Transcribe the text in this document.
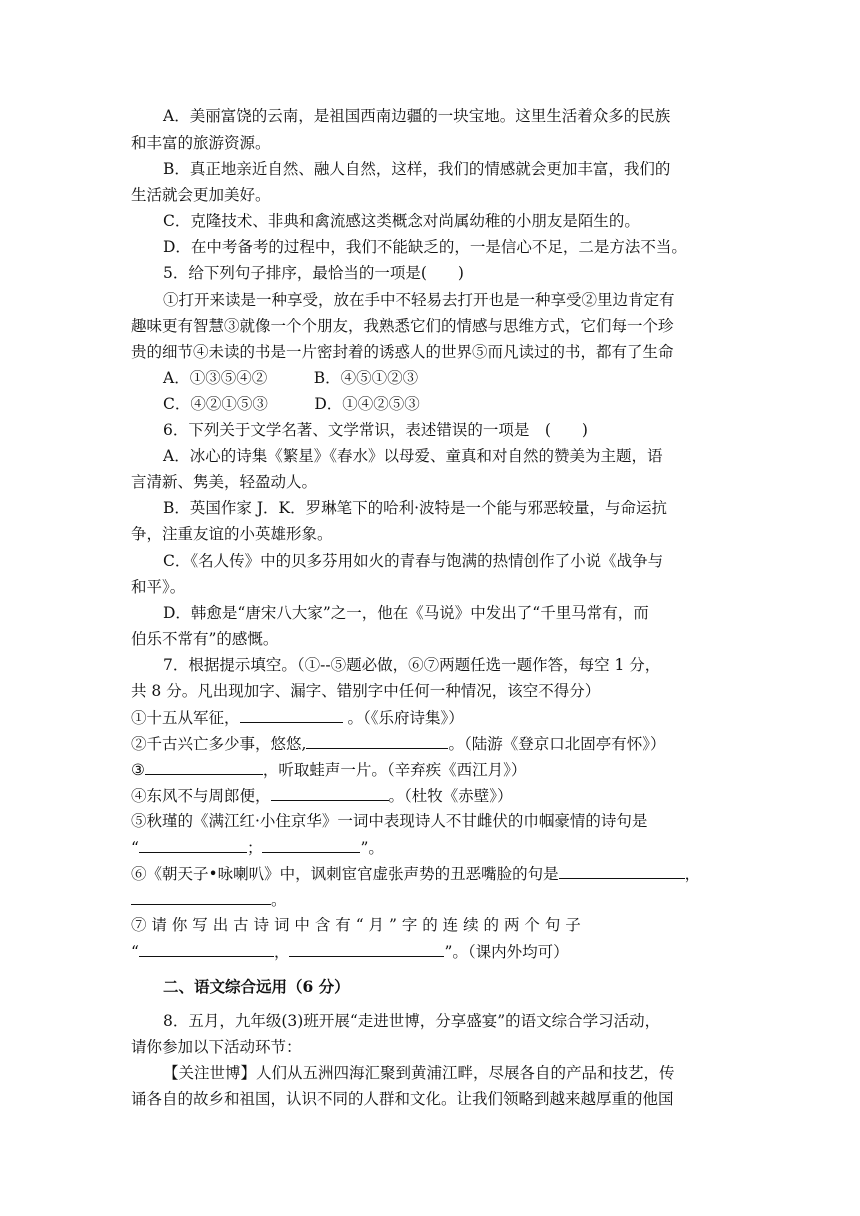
A．美丽富饶的云南，是祖国西南边疆的一块宝地。这里生活着众多的民族
和丰富的旅游资源。
B．真正地亲近自然、融人自然，这样，我们的情感就会更加丰富，我们的
生活就会更加美好。
C．克隆技术、非典和禽流感这类概念对尚属幼稚的小朋友是陌生的。
D．在中考备考的过程中，我们不能缺乏的，一是信心不足，二是方法不当。
5．给下列句子排序，最恰当的一项是(　　)
①打开来读是一种享受，放在手中不轻易去打开也是一种享受②里边肯定有
趣味更有智慧③就像一个个朋友，我熟悉它们的情感与思维方式，它们每一个珍
贵的细节④未读的书是一片密封着的诱惑人的世界⑤而凡读过的书，都有了生命
A．①③⑤④②　　　B．④⑤①②③
C．④②①⑤③　　　D．①④②⑤③
6．下列关于文学名著、文学常识，表述错误的一项是　(　　)
A．冰心的诗集《繁星》《春水》以母爱、童真和对自然的赞美为主题，语
言清新、隽美，轻盈动人。
B．英国作家 J．K．罗琳笔下的哈利·波特是一个能与邪恶较量，与命运抗
争，注重友谊的小英雄形象。
C．《名人传》中的贝多芬用如火的青春与饱满的热情创作了小说《战争与
和平》。
D．韩愈是“唐宋八大家”之一，他在《马说》中发出了“千里马常有，而
伯乐不常有”的感慨。
7．根据提示填空。（①--⑤题必做，⑥⑦两题任选一题作答，每空 1 分，
共 8 分。凡出现加字、漏字、错别字中任何一种情况，该空不得分）
①十五从军征，	。（《乐府诗集》）
②千古兴亡多少事，悠悠,	。（陆游《登京口北固亭有怀》）
③	，听取蛙声一片。（辛弃疾《西江月》）
④东风不与周郎便，	。（杜牧《赤壁》）
⑤秋瑾的《满江红·小住京华》一词中表现诗人不甘雌伏的巾帼豪情的诗句是
“	；	”。
⑥《朝天子•咏喇叭》中，讽刺宦官虚张声势的丑恶嘴脸的句是	，
。
⑦ 请 你 写 出 古 诗 词 中 含 有 “ 月 ” 字 的 连 续 的 两 个 句 子
“	，	”。（课内外均可）
二、语文综合远用（6 分）
8．五月，九年级(3)班开展“走进世博，分享盛宴”的语文综合学习活动，
请你参加以下活动环节：
【关注世博】人们从五洲四海汇聚到黄浦江畔，尽展各自的产品和技艺，传
诵各自的故乡和祖国，认识不同的人群和文化。让我们领略到越来越厚重的他国
